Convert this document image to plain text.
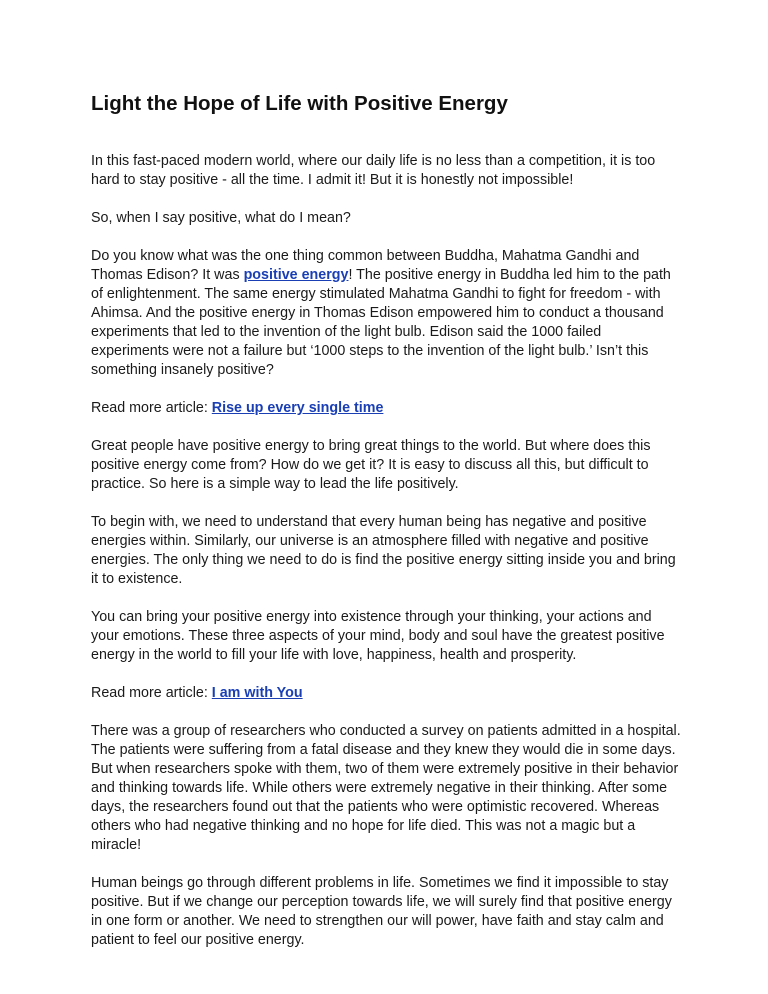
Light the Hope of Life with Positive Energy

In this fast-paced modern world, where our daily life is no less than a competition, it is too hard to stay positive - all the time. I admit it! But it is honestly not impossible!

So, when I say positive, what do I mean?

Do you know what was the one thing common between Buddha, Mahatma Gandhi and Thomas Edison? It was positive energy! The positive energy in Buddha led him to the path of enlightenment. The same energy stimulated Mahatma Gandhi to fight for freedom - with Ahimsa. And the positive energy in Thomas Edison empowered him to conduct a thousand experiments that led to the invention of the light bulb. Edison said the 1000 failed experiments were not a failure but ‘1000 steps to the invention of the light bulb.’ Isn’t this something insanely positive?

Read more article: Rise up every single time

Great people have positive energy to bring great things to the world. But where does this positive energy come from? How do we get it? It is easy to discuss all this, but difficult to practice. So here is a simple way to lead the life positively.

To begin with, we need to understand that every human being has negative and positive energies within. Similarly, our universe is an atmosphere filled with negative and positive energies. The only thing we need to do is find the positive energy sitting inside you and bring it to existence.

You can bring your positive energy into existence through your thinking, your actions and your emotions. These three aspects of your mind, body and soul have the greatest positive energy in the world to fill your life with love, happiness, health and prosperity.

Read more article: I am with You

There was a group of researchers who conducted a survey on patients admitted in a hospital. The patients were suffering from a fatal disease and they knew they would die in some days. But when researchers spoke with them, two of them were extremely positive in their behavior and thinking towards life. While others were extremely negative in their thinking. After some days, the researchers found out that the patients who were optimistic recovered. Whereas others who had negative thinking and no hope for life died. This was not a magic but a miracle!

Human beings go through different problems in life. Sometimes we find it impossible to stay positive. But if we change our perception towards life, we will surely find that positive energy in one form or another. We need to strengthen our will power, have faith and stay calm and patient to feel our positive energy.
